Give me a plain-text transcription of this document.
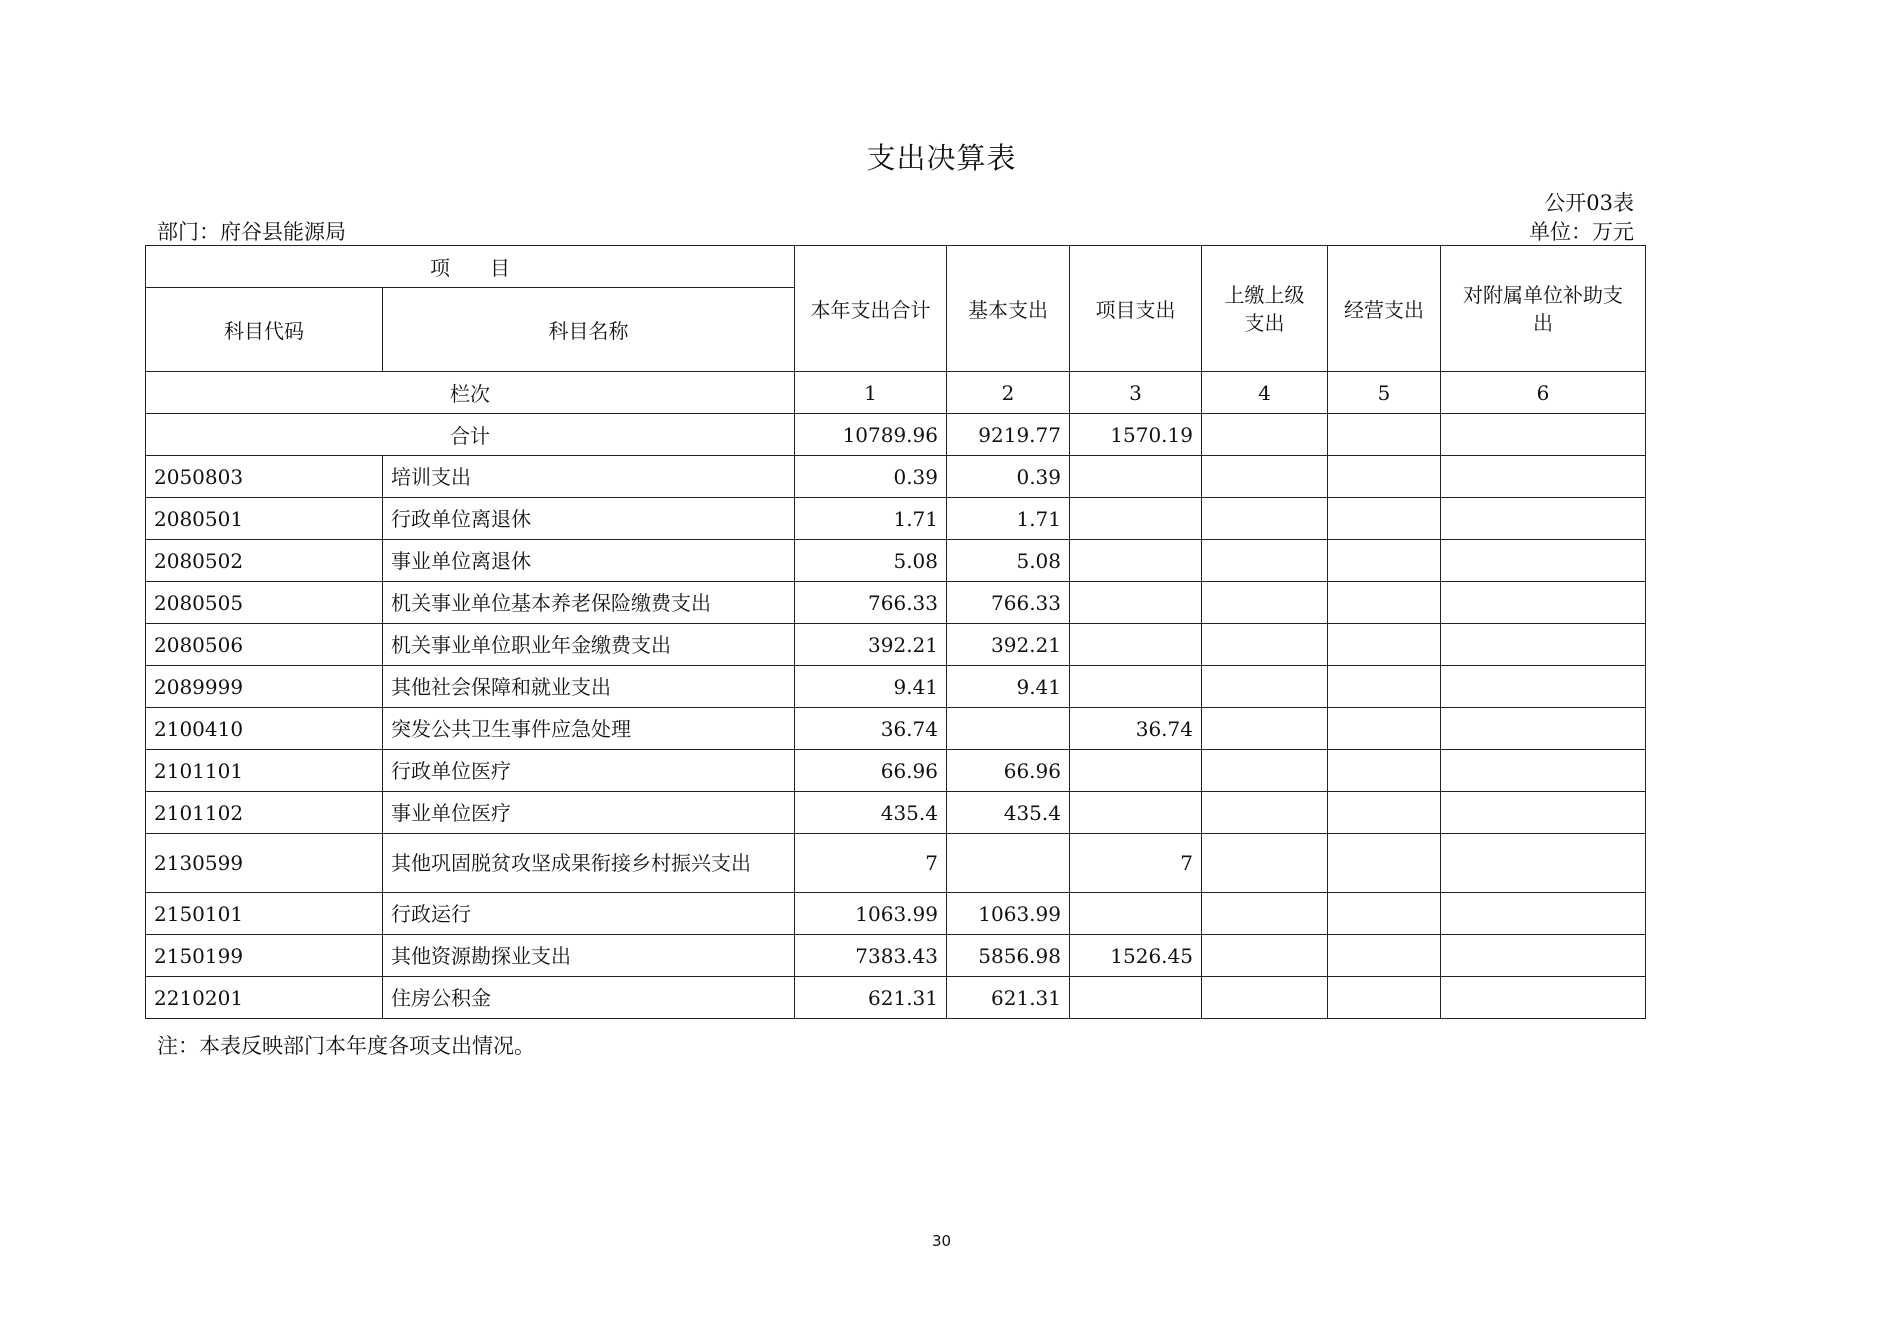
支出决算表
公开03表
部门：府谷县能源局	单位：万元
项　　目		本年支出合计	基本支出	项目支出	上缴上级支出	经营支出	对附属单位补助支出
科目代码	科目名称						
栏次		1	2	3	4	5	6
合计		10789.96	9219.77	1570.19			
2050803	培训支出	0.39	0.39				
2080501	行政单位离退休	1.71	1.71				
2080502	事业单位离退休	5.08	5.08				
2080505	机关事业单位基本养老保险缴费支出	766.33	766.33				
2080506	机关事业单位职业年金缴费支出	392.21	392.21				
2089999	其他社会保障和就业支出	9.41	9.41				
2100410	突发公共卫生事件应急处理	36.74		36.74			
2101101	行政单位医疗	66.96	66.96				
2101102	事业单位医疗	435.4	435.4				
2130599	其他巩固脱贫攻坚成果衔接乡村振兴支出	7		7			
2150101	行政运行	1063.99	1063.99				
2150199	其他资源勘探业支出	7383.43	5856.98	1526.45			
2210201	住房公积金	621.31	621.31				
注：本表反映部门本年度各项支出情况。
30
